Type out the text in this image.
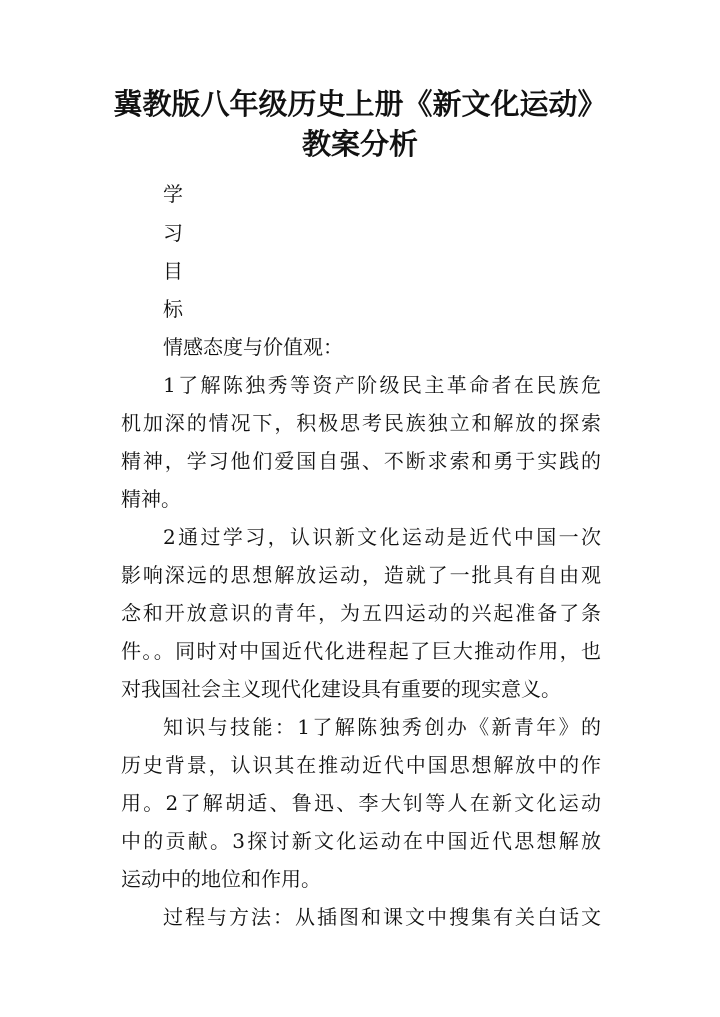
冀教版八年级历史上册《新文化运动》
教案分析

学

习

目

标

情感态度与价值观：

1了解陈独秀等资产阶级民主革命者在民族危

机加深的情况下，积极思考民族独立和解放的探索

精神，学习他们爱国自强、不断求索和勇于实践的

精神。

2通过学习，认识新文化运动是近代中国一次

影响深远的思想解放运动，造就了一批具有自由观

念和开放意识的青年，为五四运动的兴起准备了条

件。。同时对中国近代化进程起了巨大推动作用，也

对我国社会主义现代化建设具有重要的现实意义。

知识与技能：1了解陈独秀创办《新青年》的

历史背景，认识其在推动近代中国思想解放中的作

用。2了解胡适、鲁迅、李大钊等人在新文化运动

中的贡献。3探讨新文化运动在中国近代思想解放

运动中的地位和作用。

过程与方法：从插图和课文中搜集有关白话文
